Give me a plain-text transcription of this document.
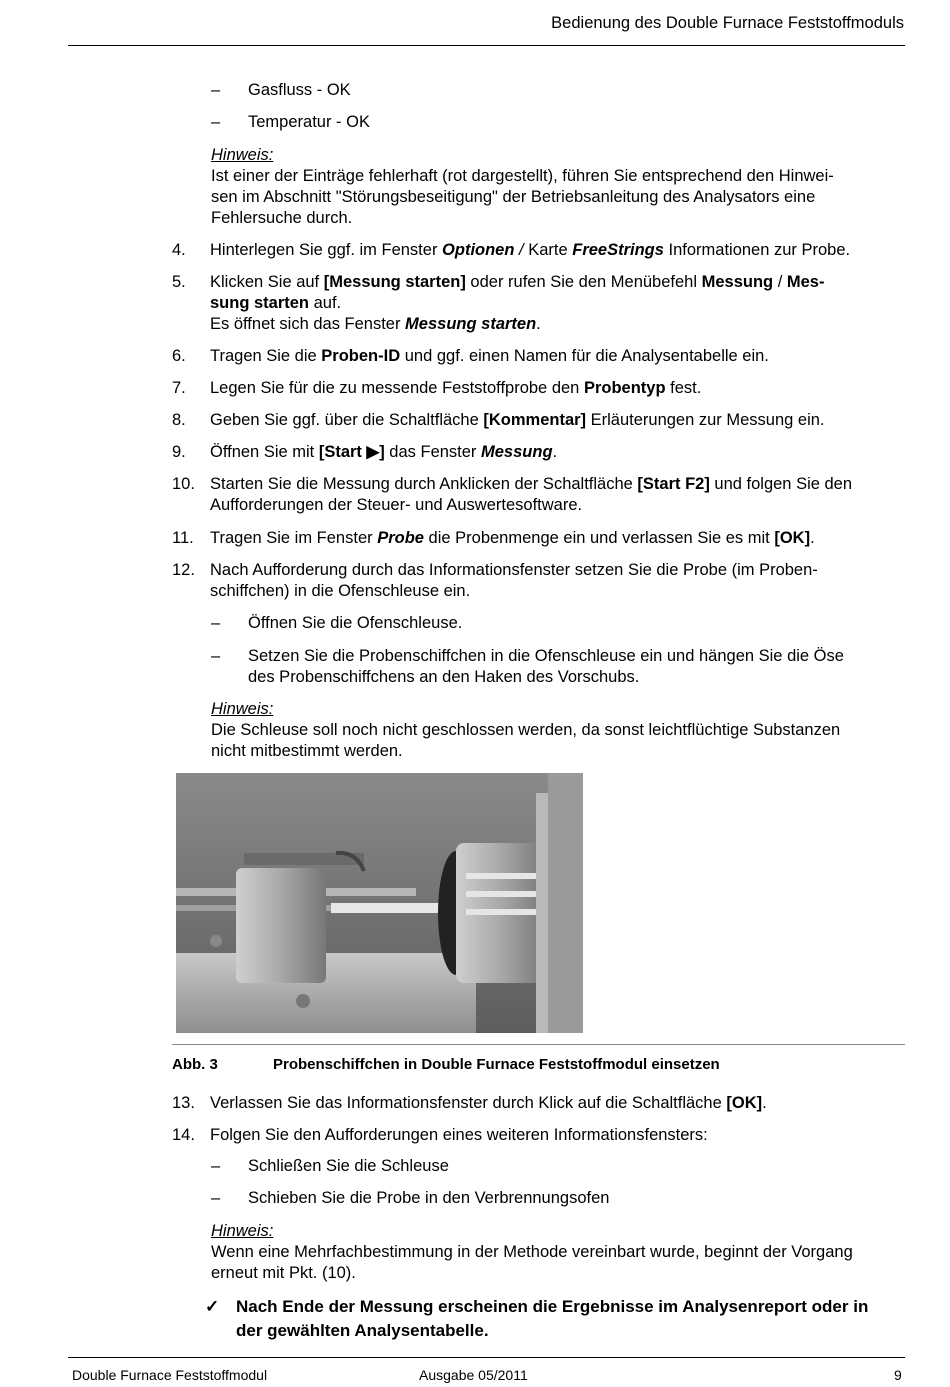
Bedienung des Double Furnace Feststoffmoduls
– Gasfluss - OK
– Temperatur - OK
Hinweis:
Ist einer der Einträge fehlerhaft (rot dargestellt), führen Sie entsprechend den Hinwei-
sen im Abschnitt "Störungsbeseitigung" der Betriebsanleitung des Analysators eine
Fehlersuche durch.
4. Hinterlegen Sie ggf. im Fenster Optionen / Karte FreeStrings Informationen zur Probe.
5. Klicken Sie auf [Messung starten] oder rufen Sie den Menübefehl Messung / Mes-
sung starten auf.
Es öffnet sich das Fenster Messung starten.
6. Tragen Sie die Proben-ID und ggf. einen Namen für die Analysentabelle ein.
7. Legen Sie für die zu messende Feststoffprobe den Probentyp fest.
8. Geben Sie ggf. über die Schaltfläche [Kommentar] Erläuterungen zur Messung ein.
9. Öffnen Sie mit [Start ▶] das Fenster Messung.
10. Starten Sie die Messung durch Anklicken der Schaltfläche [Start F2] und folgen Sie den
Aufforderungen der Steuer- und Auswertesoftware.
11. Tragen Sie im Fenster Probe die Probenmenge ein und verlassen Sie es mit [OK].
12. Nach Aufforderung durch das Informationsfenster setzen Sie die Probe (im Proben-
schiffchen) in die Ofenschleuse ein.
– Öffnen Sie die Ofenschleuse.
– Setzen Sie die Probenschiffchen in die Ofenschleuse ein und hängen Sie die Öse
des Probenschiffchens an den Haken des Vorschubs.
Hinweis:
Die Schleuse soll noch nicht geschlossen werden, da sonst leichtflüchtige Substanzen
nicht mitbestimmt werden.
Abb. 3	Probenschiffchen in Double Furnace Feststoffmodul einsetzen
13. Verlassen Sie das Informationsfenster durch Klick auf die Schaltfläche [OK].
14. Folgen Sie den Aufforderungen eines weiteren Informationsfensters:
– Schließen Sie die Schleuse
– Schieben Sie die Probe in den Verbrennungsofen
Hinweis:
Wenn eine Mehrfachbestimmung in der Methode vereinbart wurde, beginnt der Vorgang
erneut mit Pkt. (10).
✓ Nach Ende der Messung erscheinen die Ergebnisse im Analysenreport oder in
der gewählten Analysentabelle.
Double Furnace Feststoffmodul	Ausgabe 05/2011	9
